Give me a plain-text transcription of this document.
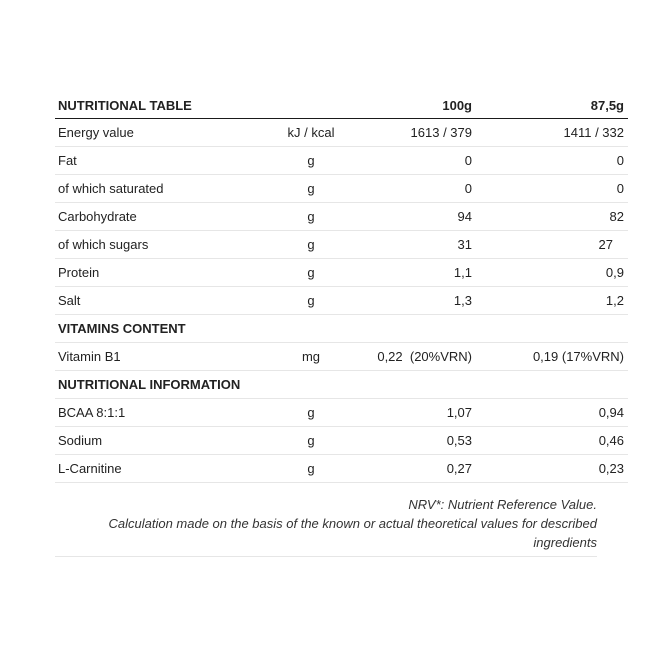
NUTRITIONAL TABLE		100g	87,5g
Energy value	kJ / kcal	1613 / 379	1411 / 332
Fat	g	0	0
of which saturated	g	0	0
Carbohydrate	g	94	82
of which sugars	g	31	27
Protein	g	1,1	0,9
Salt	g	1,3	1,2
VITAMINS CONTENT			
Vitamin B1	mg	0,22  (20%VRN)	0,19 (17%VRN)
NUTRITIONAL INFORMATION			
BCAA 8:1:1	g	1,07	0,94
Sodium	g	0,53	0,46
L-Carnitine	g	0,27	0,23

NRV*: Nutrient Reference Value.

Calculation made on the basis of the known or actual theoretical values for described ingredients
